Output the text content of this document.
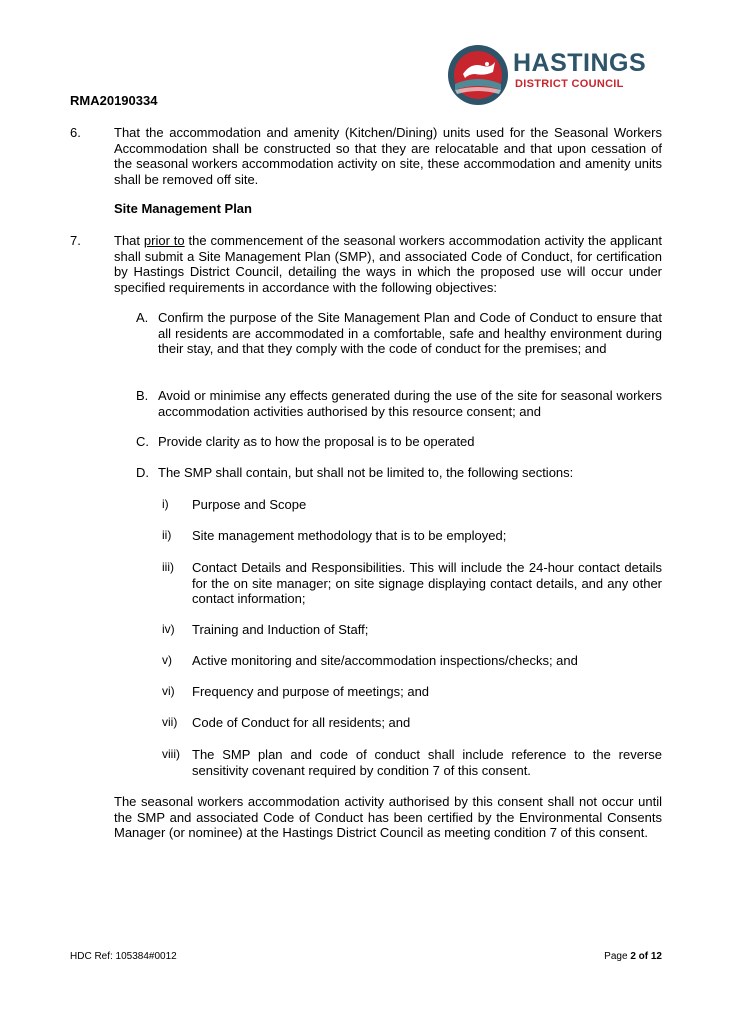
HASTINGS
DISTRICT COUNCIL
RMA20190334
6.	That the accommodation and amenity (Kitchen/Dining) units used for the Seasonal Workers Accommodation shall be constructed so that they are relocatable and that upon cessation of the seasonal workers accommodation activity on site, these accommodation and amenity units shall be removed off site.
Site Management Plan
7.	That prior to the commencement of the seasonal workers accommodation activity the applicant shall submit a Site Management Plan (SMP), and associated Code of Conduct, for certification by Hastings District Council, detailing the ways in which the proposed use will occur under specified requirements in accordance with the following objectives:
A. Confirm the purpose of the Site Management Plan and Code of Conduct to ensure that all residents are accommodated in a comfortable, safe and healthy environment during their stay, and that they comply with the code of conduct for the premises; and
B. Avoid or minimise any effects generated during the use of the site for seasonal workers accommodation activities authorised by this resource consent; and
C. Provide clarity as to how the proposal is to be operated
D. The SMP shall contain, but shall not be limited to, the following sections:
i) Purpose and Scope
ii) Site management methodology that is to be employed;
iii) Contact Details and Responsibilities. This will include the 24-hour contact details for the on site manager; on site signage displaying contact details, and any other contact information;
iv) Training and Induction of Staff;
v) Active monitoring and site/accommodation inspections/checks; and
vi) Frequency and purpose of meetings; and
vii) Code of Conduct for all residents; and
viii) The SMP plan and code of conduct shall include reference to the reverse sensitivity covenant required by condition 7 of this consent.
The seasonal workers accommodation activity authorised by this consent shall not occur until the SMP and associated Code of Conduct has been certified by the Environmental Consents Manager (or nominee) at the Hastings District Council as meeting condition 7 of this consent.
HDC Ref: 105384#0012	Page 2 of 12
